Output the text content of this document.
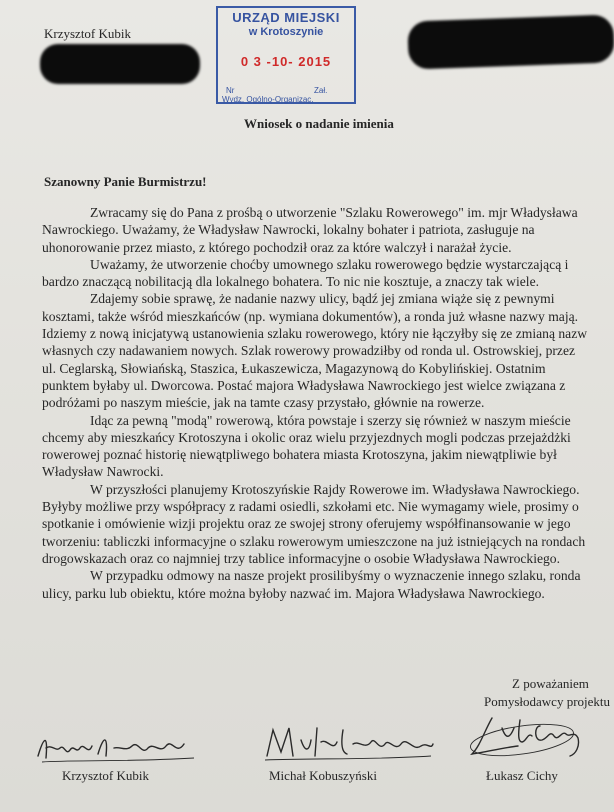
Krzysztof Kubik
URZĄD MIEJSKI
w Krotoszynie
0 3 -10- 2015
Nr	Zał.
Wydz. Ogólno-Organizac.
Wniosek o nadanie imienia
Szanowny Panie Burmistrzu!
Zwracamy się do Pana z prośbą o utworzenie "Szlaku Rowerowego" im. mjr Władysława
Nawrockiego. Uważamy, że Władysław Nawrocki, lokalny bohater i patriota, zasługuje na
uhonorowanie przez miasto, z którego pochodził oraz za które walczył i narażał życie.
Uważamy, że utworzenie choćby umownego szlaku rowerowego będzie wystarczającą i
bardzo znaczącą nobilitacją dla lokalnego bohatera. To nic nie kosztuje, a znaczy tak wiele.
Zdajemy sobie sprawę, że nadanie nazwy ulicy, bądź jej zmiana wiąże się z pewnymi
kosztami, także wśród mieszkańców (np. wymiana dokumentów), a ronda już własne nazwy mają.
Idziemy z nową inicjatywą ustanowienia szlaku rowerowego, który nie łączyłby się ze zmianą nazw
własnych czy nadawaniem nowych. Szlak rowerowy prowadziłby od ronda ul. Ostrowskiej, przez
ul. Ceglarską, Słowiańską, Staszica, Łukaszewicza, Magazynową do Kobylińskiej. Ostatnim
punktem byłaby ul. Dworcowa. Postać majora Władysława Nawrockiego jest wielce związana z
podróżami po naszym mieście, jak na tamte czasy przystało, głównie na rowerze.
Idąc za pewną "modą" rowerową, która powstaje i szerzy się również w naszym mieście
chcemy aby mieszkańcy Krotoszyna i okolic oraz wielu przyjezdnych mogli podczas przejażdżki
rowerowej poznać historię niewątpliwego bohatera miasta Krotoszyna, jakim niewątpliwie był
Władysław Nawrocki.
W przyszłości planujemy Krotoszyńskie Rajdy Rowerowe im. Władysława Nawrockiego.
Byłyby możliwe przy współpracy z radami osiedli, szkołami etc. Nie wymagamy wiele, prosimy o
spotkanie i omówienie wizji projektu oraz ze swojej strony oferujemy współfinansowanie w jego
tworzeniu: tabliczki informacyjne o szlaku rowerowym umieszczone na już istniejących na rondach
drogowskazach oraz co najmniej trzy tablice informacyjne o osobie Władysława Nawrockiego.
W przypadku odmowy na nasze projekt prosilibyśmy o wyznaczenie innego szlaku, ronda
ulicy, parku lub obiektu, które można byłoby nazwać im. Majora Władysława Nawrockiego.
Z poważaniem
Pomysłodawcy projektu
Krzysztof Kubik	Michał Kobuszyński	Łukasz Cichy
